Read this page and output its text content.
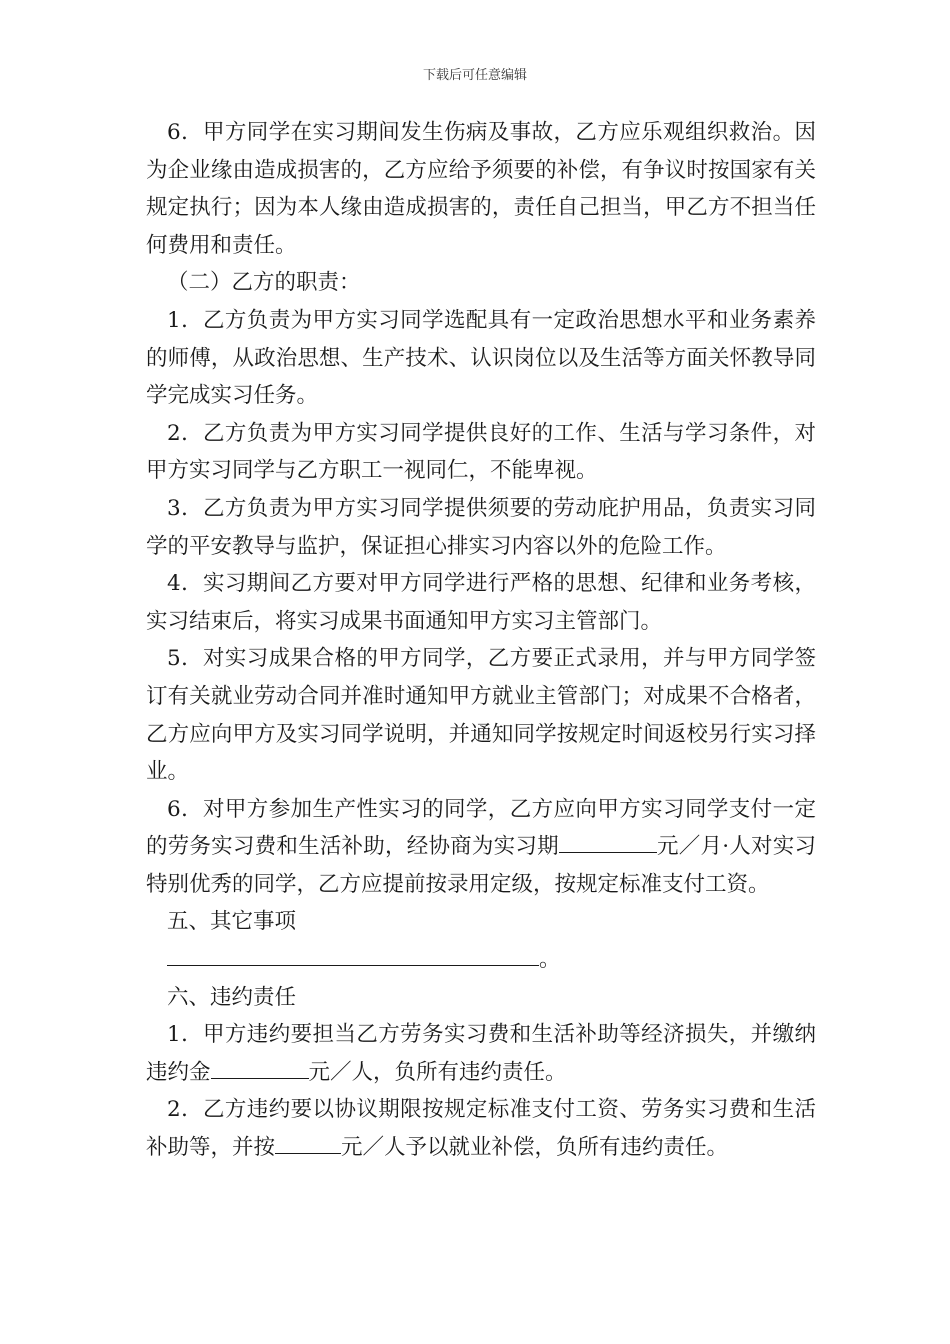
下载后可任意编辑

6．甲方同学在实习期间发生伤病及事故，乙方应乐观组织救治。因为企业缘由造成损害的，乙方应给予须要的补偿，有争议时按国家有关规定执行；因为本人缘由造成损害的，责任自己担当，甲乙方不担当任何费用和责任。

（二）乙方的职责：

1．乙方负责为甲方实习同学选配具有一定政治思想水平和业务素养的师傅，从政治思想、生产技术、认识岗位以及生活等方面关怀教导同学完成实习任务。

2．乙方负责为甲方实习同学提供良好的工作、生活与学习条件，对甲方实习同学与乙方职工一视同仁，不能卑视。

3．乙方负责为甲方实习同学提供须要的劳动庇护用品，负责实习同学的平安教导与监护，保证担心排实习内容以外的危险工作。

4．实习期间乙方要对甲方同学进行严格的思想、纪律和业务考核，实习结束后，将实习成果书面通知甲方实习主管部门。

5．对实习成果合格的甲方同学，乙方要正式录用，并与甲方同学签订有关就业劳动合同并准时通知甲方就业主管部门；对成果不合格者，乙方应向甲方及实习同学说明，并通知同学按规定时间返校另行实习择业。

6．对甲方参加生产性实习的同学，乙方应向甲方实习同学支付一定的劳务实习费和生活补助，经协商为实习期	元／月·人对实习特别优秀的同学，乙方应提前按录用定级，按规定标准支付工资。

五、其它事项

。

六、违约责任

1．甲方违约要担当乙方劳务实习费和生活补助等经济损失，并缴纳违约金	元／人，负所有违约责任。

2．乙方违约要以协议期限按规定标准支付工资、劳务实习费和生活补助等，并按	元／人予以就业补偿，负所有违约责任。
